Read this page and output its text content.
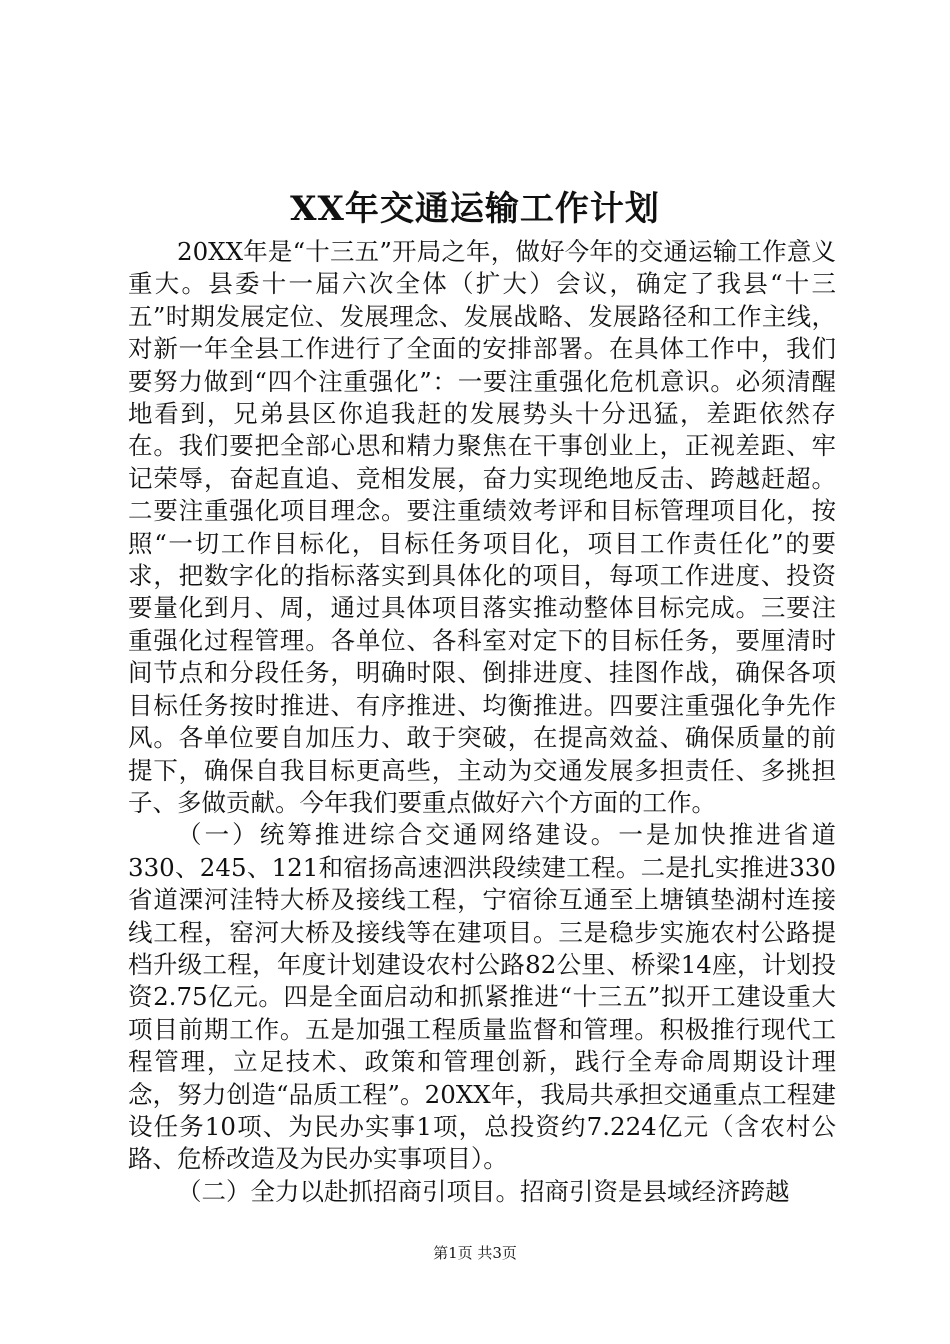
XX年交通运输工作计划

20XX年是“十三五”开局之年，做好今年的交通运输工作意义重大。县委十一届六次全体（扩大）会议，确定了我县“十三五”时期发展定位、发展理念、发展战略、发展路径和工作主线，对新一年全县工作进行了全面的安排部署。在具体工作中，我们要努力做到“四个注重强化”：一要注重强化危机意识。必须清醒地看到，兄弟县区你追我赶的发展势头十分迅猛，差距依然存在。我们要把全部心思和精力聚焦在干事创业上，正视差距、牢记荣辱，奋起直追、竞相发展，奋力实现绝地反击、跨越赶超。二要注重强化项目理念。要注重绩效考评和目标管理项目化，按照“一切工作目标化，目标任务项目化，项目工作责任化”的要求，把数字化的指标落实到具体化的项目，每项工作进度、投资要量化到月、周，通过具体项目落实推动整体目标完成。三要注重强化过程管理。各单位、各科室对定下的目标任务，要厘清时间节点和分段任务，明确时限、倒排进度、挂图作战，确保各项目标任务按时推进、有序推进、均衡推进。四要注重强化争先作风。各单位要自加压力、敢于突破，在提高效益、确保质量的前提下，确保自我目标更高些，主动为交通发展多担责任、多挑担子、多做贡献。今年我们要重点做好六个方面的工作。

（一）统筹推进综合交通网络建设。一是加快推进省道330、245、121和宿扬高速泗洪段续建工程。二是扎实推进330省道溧河洼特大桥及接线工程，宁宿徐互通至上塘镇垫湖村连接线工程，窑河大桥及接线等在建项目。三是稳步实施农村公路提档升级工程，年度计划建设农村公路82公里、桥梁14座，计划投资2.75亿元。四是全面启动和抓紧推进“十三五”拟开工建设重大项目前期工作。五是加强工程质量监督和管理。积极推行现代工程管理，立足技术、政策和管理创新，践行全寿命周期设计理念，努力创造“品质工程”。20XX年，我局共承担交通重点工程建设任务10项、为民办实事1项，总投资约7.224亿元（含农村公路、危桥改造及为民办实事项目）。

（二）全力以赴抓招商引项目。招商引资是县域经济跨越

第1页 共3页
